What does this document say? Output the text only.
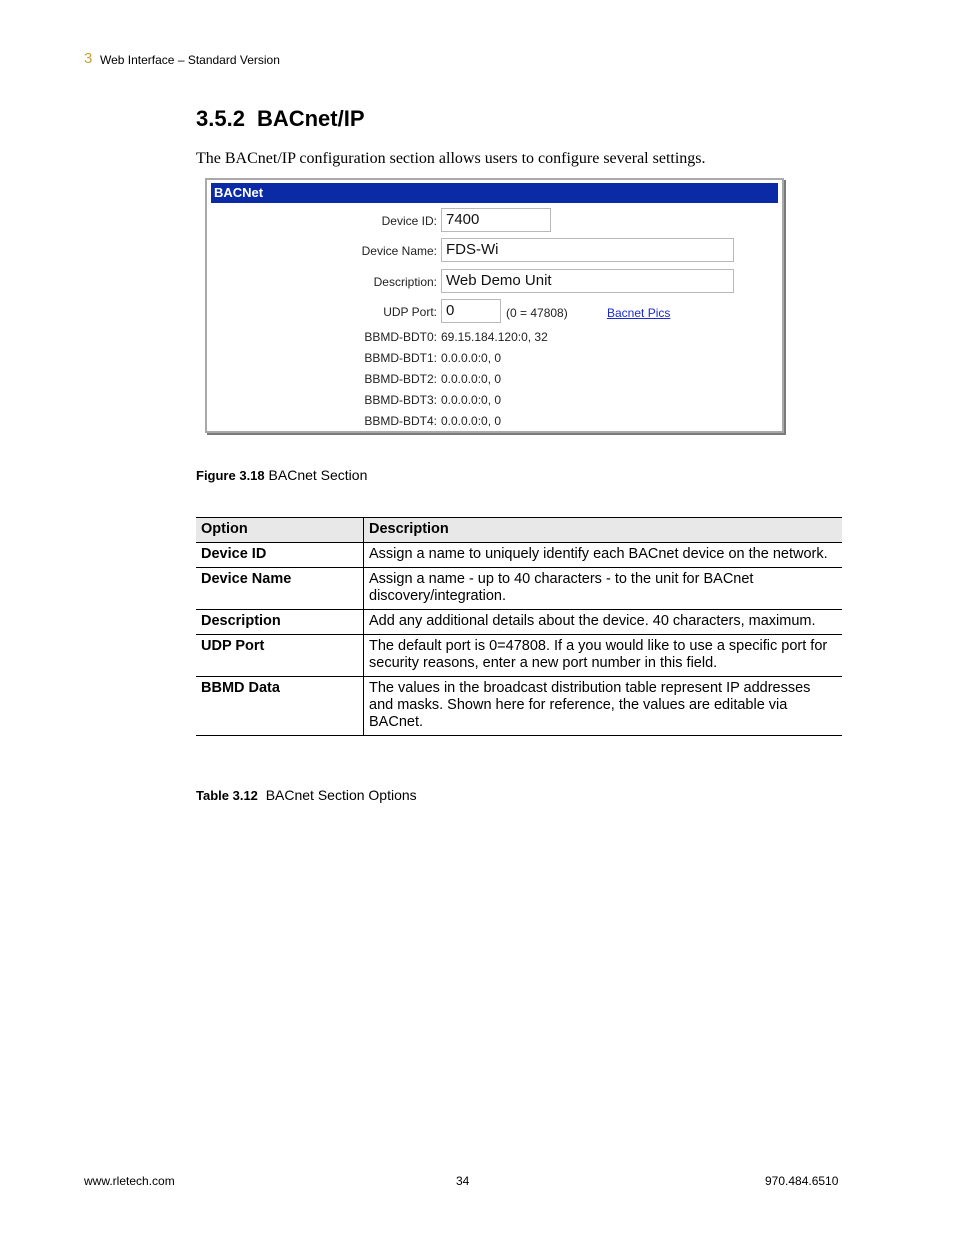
3 Web Interface – Standard Version
3.5.2 BACnet/IP
The BACnet/IP configuration section allows users to configure several settings.
BACNet
Device ID: 7400
Device Name: FDS-Wi
Description: Web Demo Unit
UDP Port: 0	(0 = 47808)	Bacnet Pics
BBMD-BDT0: 69.15.184.120:0, 32
BBMD-BDT1: 0.0.0.0:0, 0
BBMD-BDT2: 0.0.0.0:0, 0
BBMD-BDT3: 0.0.0.0:0, 0
BBMD-BDT4: 0.0.0.0:0, 0
Figure 3.18 BACnet Section
Option	Description
Device ID	Assign a name to uniquely identify each BACnet device on the network.
Device Name	Assign a name - up to 40 characters - to the unit for BACnet discovery/integration.
Description	Add any additional details about the device. 40 characters, maximum.
UDP Port	The default port is 0=47808. If a you would like to use a specific port for security reasons, enter a new port number in this field.
BBMD Data	The values in the broadcast distribution table represent IP addresses and masks. Shown here for reference, the values are editable via BACnet.
Table 3.12 BACnet Section Options
www.rletech.com	34	970.484.6510
